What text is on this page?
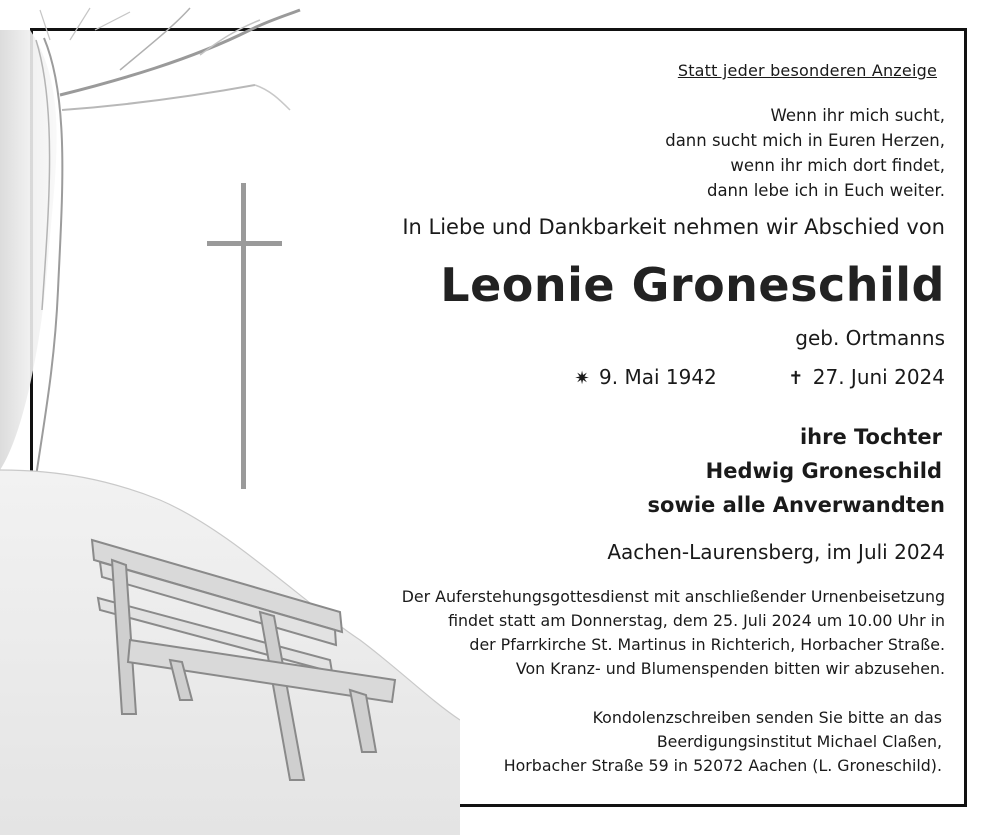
Statt jeder besonderen Anzeige
Wenn ihr mich sucht,
dann sucht mich in Euren Herzen,
wenn ihr mich dort findet,
dann lebe ich in Euch weiter.
In Liebe und Dankbarkeit nehmen wir Abschied von
Leonie Groneschild
geb. Ortmanns
✷ 9. Mai 1942	✝ 27. Juni 2024
ihre Tochter
Hedwig Groneschild
sowie alle Anverwandten
Aachen-Laurensberg, im Juli 2024
Der Auferstehungsgottesdienst mit anschließender Urnenbeisetzung
findet statt am Donnerstag, dem 25. Juli 2024 um 10.00 Uhr in
der Pfarrkirche St. Martinus in Richterich, Horbacher Straße.
Von Kranz- und Blumenspenden bitten wir abzusehen.
Kondolenzschreiben senden Sie bitte an das
Beerdigungsinstitut Michael Claßen,
Horbacher Straße 59 in 52072 Aachen (L. Groneschild).
